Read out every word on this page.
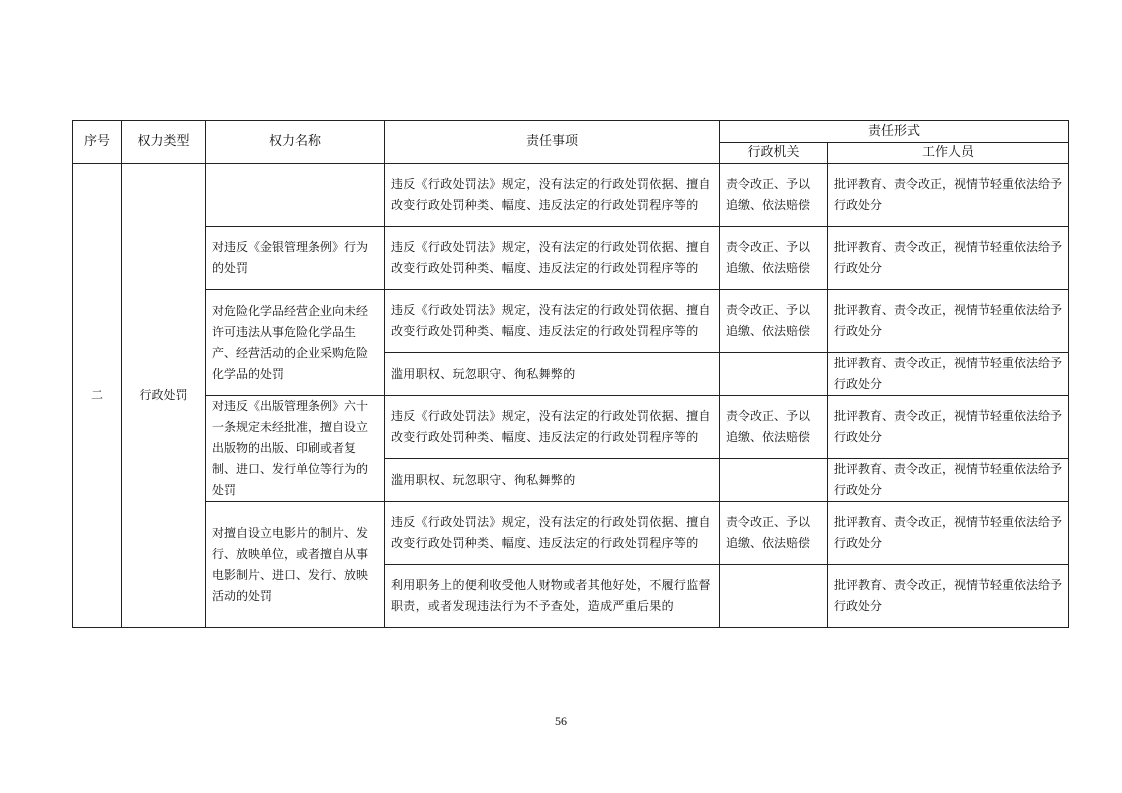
序号	权力类型	权力名称	责任事项	责任形式	
				行政机关	工作人员
二	行政处罚		违反《行政处罚法》规定，没有法定的行政处罚依据、擅自改变行政处罚种类、幅度、违反法定的行政处罚程序等的	责令改正、予以追缴、依法赔偿	批评教育、责令改正，视情节轻重依法给予行政处分
		对违反《金银管理条例》行为的处罚	违反《行政处罚法》规定，没有法定的行政处罚依据、擅自改变行政处罚种类、幅度、违反法定的行政处罚程序等的	责令改正、予以追缴、依法赔偿	批评教育、责令改正，视情节轻重依法给予行政处分
		对危险化学品经营企业向未经许可违法从事危险化学品生产、经营活动的企业采购危险化学品的处罚	违反《行政处罚法》规定，没有法定的行政处罚依据、擅自改变行政处罚种类、幅度、违反法定的行政处罚程序等的	责令改正、予以追缴、依法赔偿	批评教育、责令改正，视情节轻重依法给予行政处分
			滥用职权、玩忽职守、徇私舞弊的		批评教育、责令改正，视情节轻重依法给予行政处分
		对违反《出版管理条例》六十一条规定未经批准，擅自设立出版物的出版、印刷或者复制、进口、发行单位等行为的处罚	违反《行政处罚法》规定，没有法定的行政处罚依据、擅自改变行政处罚种类、幅度、违反法定的行政处罚程序等的	责令改正、予以追缴、依法赔偿	批评教育、责令改正，视情节轻重依法给予行政处分
			滥用职权、玩忽职守、徇私舞弊的		批评教育、责令改正，视情节轻重依法给予行政处分
		对擅自设立电影片的制片、发行、放映单位，或者擅自从事电影制片、进口、发行、放映活动的处罚	违反《行政处罚法》规定，没有法定的行政处罚依据、擅自改变行政处罚种类、幅度、违反法定的行政处罚程序等的	责令改正、予以追缴、依法赔偿	批评教育、责令改正，视情节轻重依法给予行政处分
			利用职务上的便利收受他人财物或者其他好处，不履行监督职责，或者发现违法行为不予查处，造成严重后果的		批评教育、责令改正，视情节轻重依法给予行政处分
56
